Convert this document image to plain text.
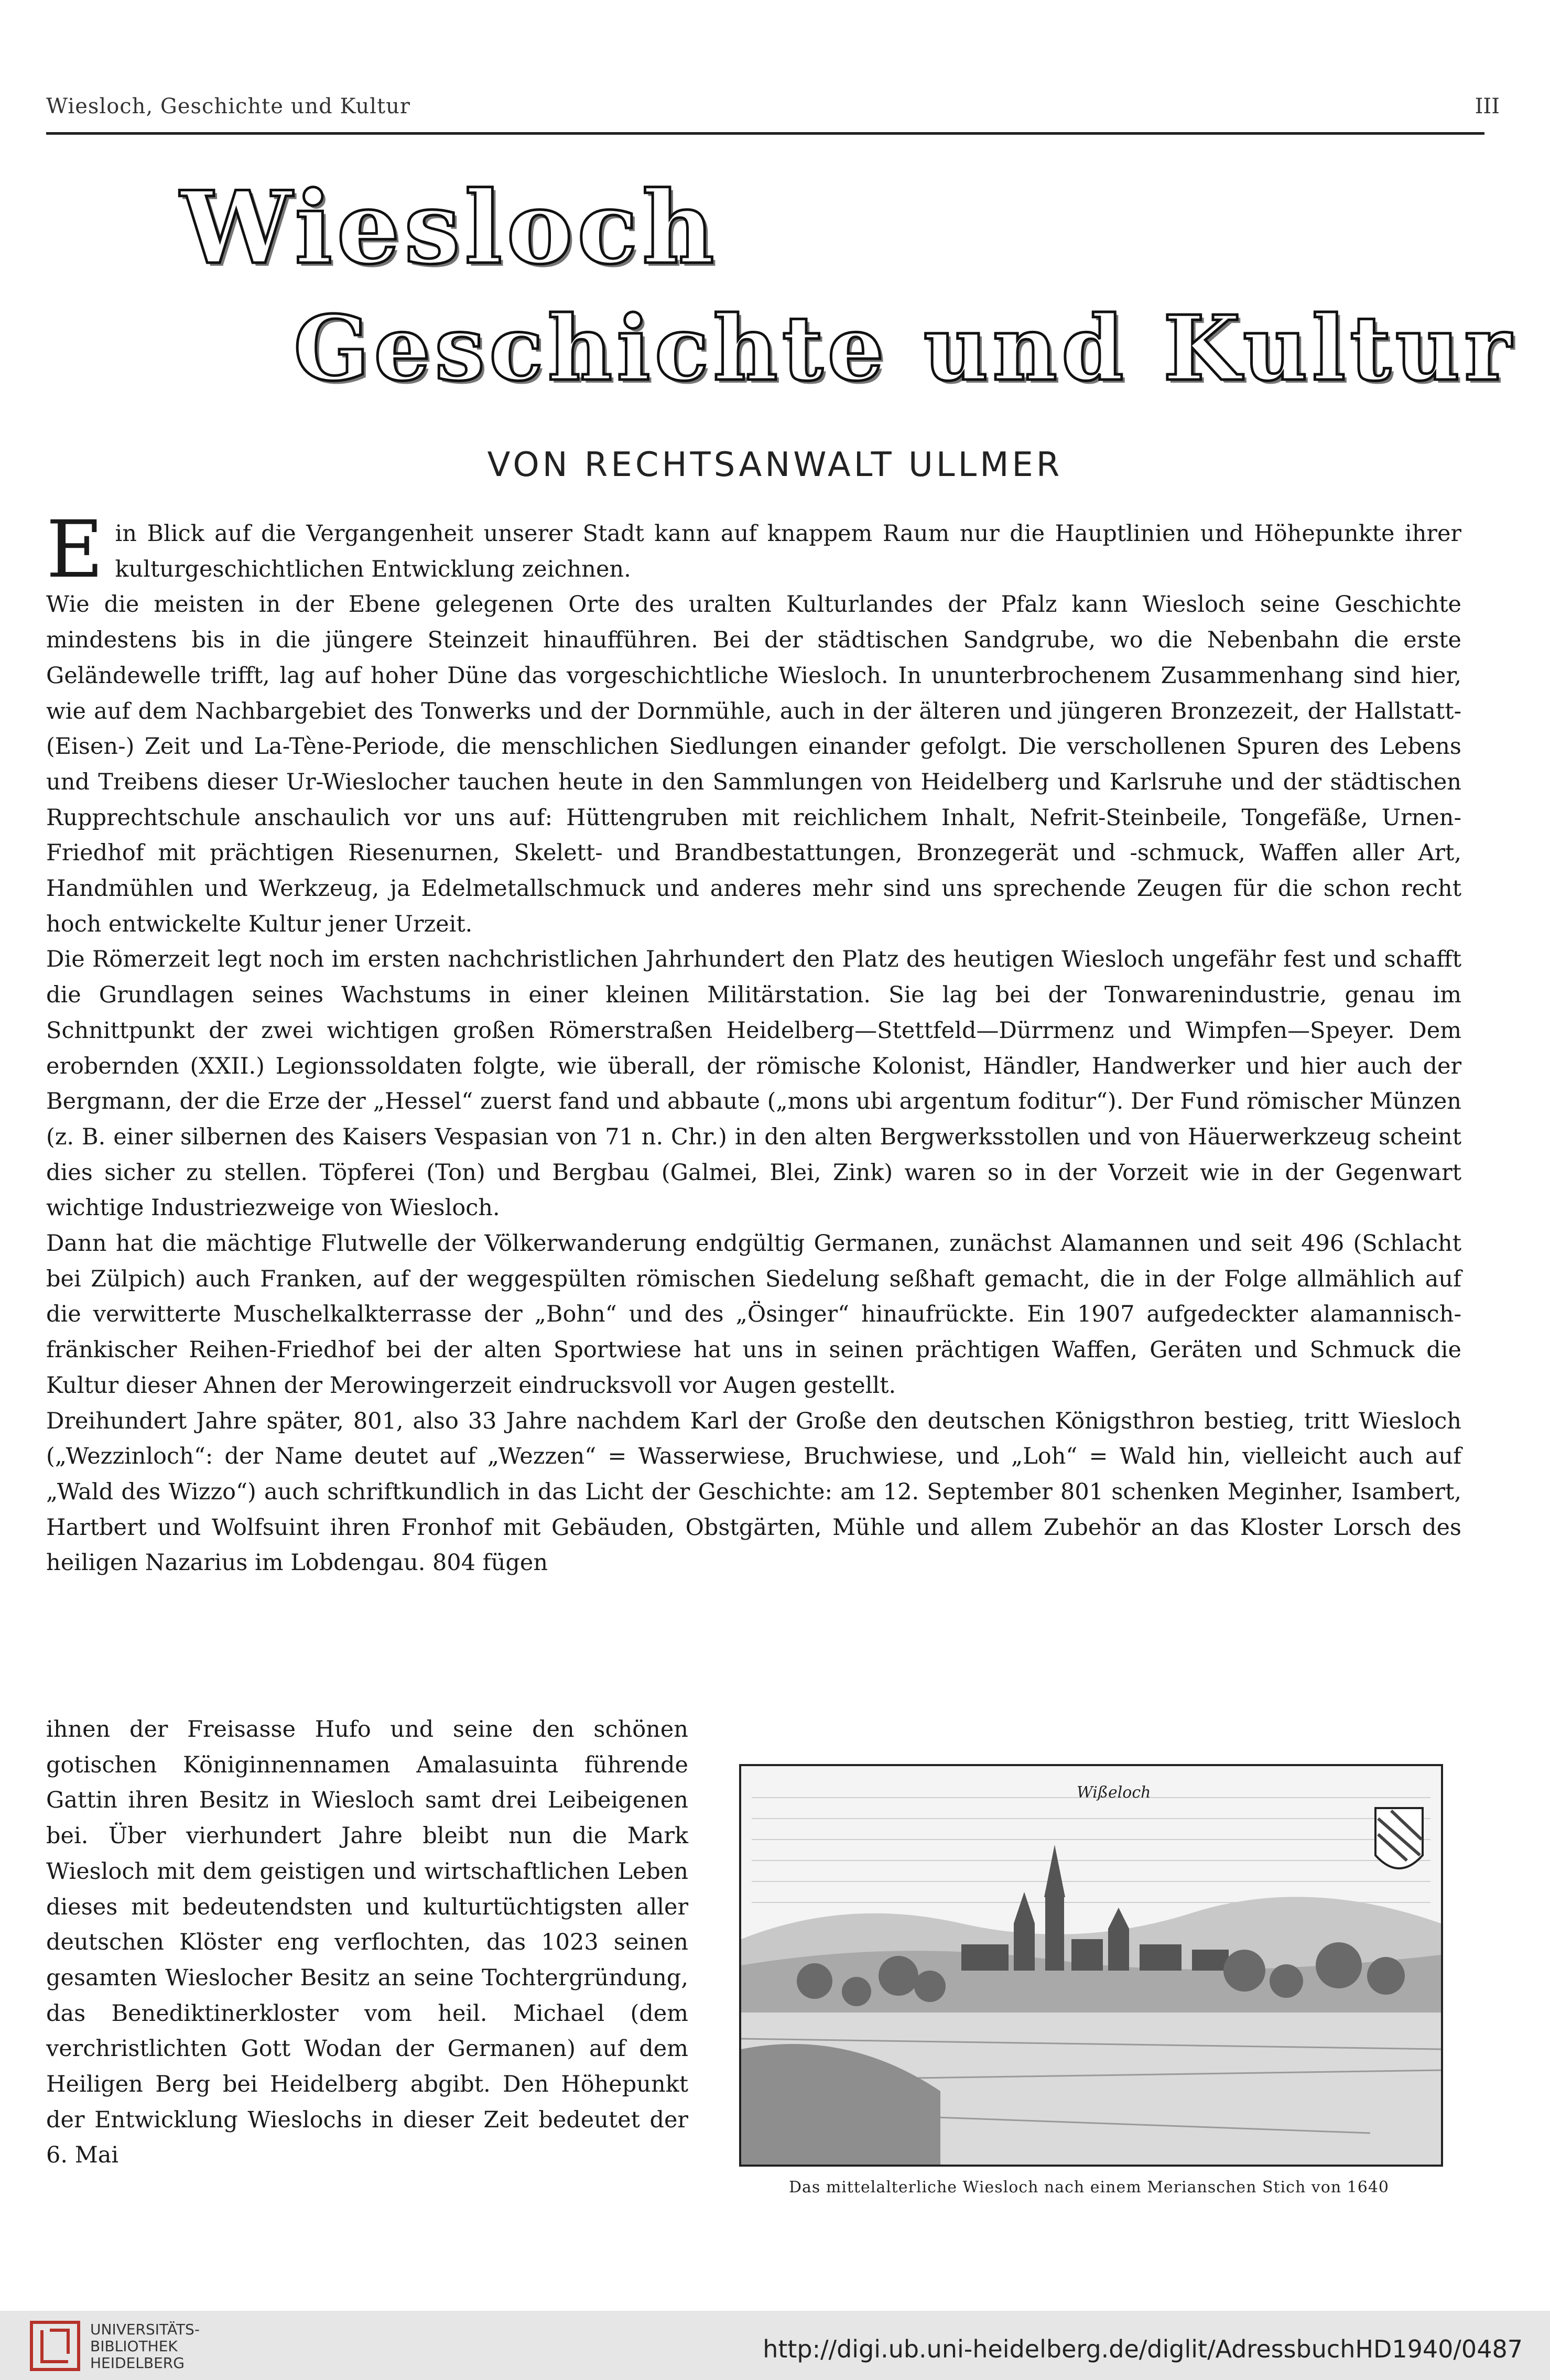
Wiesloch, Geschichte und Kultur	III
Wiesloch
Geschichte und Kultur
VON RECHTSANWALT ULLMER

Ein Blick auf die Vergangenheit unserer Stadt kann auf knappem Raum nur die Hauptlinien und Höhepunkte ihrer kulturgeschichtlichen Entwicklung zeichnen.

Wie die meisten in der Ebene gelegenen Orte des uralten Kulturlandes der Pfalz kann Wiesloch seine Geschichte mindestens bis in die jüngere Steinzeit hinaufführen. Bei der städtischen Sandgrube, wo die Nebenbahn die erste Geländewelle trifft, lag auf hoher Düne das vorgeschichtliche Wiesloch. In ununterbrochenem Zusammenhang sind hier, wie auf dem Nachbargebiet des Tonwerks und der Dornmühle, auch in der älteren und jüngeren Bronzezeit, der Hallstatt- (Eisen-) Zeit und La-Tène-Periode, die menschlichen Siedlungen einander gefolgt. Die verschollenen Spuren des Lebens und Treibens dieser Ur-Wieslocher tauchen heute in den Sammlungen von Heidelberg und Karlsruhe und der städtischen Rupprechtschule anschaulich vor uns auf: Hüttengruben mit reichlichem Inhalt, Nefrit-Steinbeile, Tongefäße, Urnen-Friedhof mit prächtigen Riesenurnen, Skelett- und Brandbestattungen, Bronzegerät und -schmuck, Waffen aller Art, Handmühlen und Werkzeug, ja Edelmetallschmuck und anderes mehr sind uns sprechende Zeugen für die schon recht hoch entwickelte Kultur jener Urzeit.

Die Römerzeit legt noch im ersten nachchristlichen Jahrhundert den Platz des heutigen Wiesloch ungefähr fest und schafft die Grundlagen seines Wachstums in einer kleinen Militärstation. Sie lag bei der Tonwarenindustrie, genau im Schnittpunkt der zwei wichtigen großen Römerstraßen Heidelberg—Stettfeld—Dürrmenz und Wimpfen—Speyer. Dem erobernden (XXII.) Legionssoldaten folgte, wie überall, der römische Kolonist, Händler, Handwerker und hier auch der Bergmann, der die Erze der „Hessel“ zuerst fand und abbaute („mons ubi argentum foditur“). Der Fund römischer Münzen (z. B. einer silbernen des Kaisers Vespasian von 71 n. Chr.) in den alten Bergwerksstollen und von Häuerwerkzeug scheint dies sicher zu stellen. Töpferei (Ton) und Bergbau (Galmei, Blei, Zink) waren so in der Vorzeit wie in der Gegenwart wichtige Industriezweige von Wiesloch.

Dann hat die mächtige Flutwelle der Völkerwanderung endgültig Germanen, zunächst Alamannen und seit 496 (Schlacht bei Zülpich) auch Franken, auf der weggespülten römischen Siedelung seßhaft gemacht, die in der Folge allmählich auf die verwitterte Muschelkalkterrasse der „Bohn“ und des „Ösinger“ hinaufrückte. Ein 1907 aufgedeckter alamannisch-fränkischer Reihen-Friedhof bei der alten Sportwiese hat uns in seinen prächtigen Waffen, Geräten und Schmuck die Kultur dieser Ahnen der Merowingerzeit eindrucksvoll vor Augen gestellt.

Dreihundert Jahre später, 801, also 33 Jahre nachdem Karl der Große den deutschen Königsthron bestieg, tritt Wiesloch („Wezzinloch“: der Name deutet auf „Wezzen“ = Wasserwiese, Bruchwiese, und „Loh“ = Wald hin, vielleicht auch auf „Wald des Wizzo“) auch schriftkundlich in das Licht der Geschichte: am 12. September 801 schenken Meginher, Isambert, Hartbert und Wolfsuint ihren Fronhof mit Gebäuden, Obstgärten, Mühle und allem Zubehör an das Kloster Lorsch des heiligen Nazarius im Lobdengau. 804 fügen

ihnen der Freisasse Hufo und seine den schönen gotischen Königinnennamen Amalasuinta führende Gattin ihren Besitz in Wiesloch samt drei Leibeigenen bei. Über vierhundert Jahre bleibt nun die Mark Wiesloch mit dem geistigen und wirtschaftlichen Leben dieses mit bedeutendsten und kulturtüchtigsten aller deutschen Klöster eng verflochten, das 1023 seinen gesamten Wieslocher Besitz an seine Tochtergründung, das Benediktinerkloster vom heil. Michael (dem verchristlichten Gott Wodan der Germanen) auf dem Heiligen Berg bei Heidelberg abgibt. Den Höhepunkt der Entwicklung Wieslochs in dieser Zeit bedeutet der 6. Mai

Wißeloch
Das mittelalterliche Wiesloch nach einem Merianschen Stich von 1640
UNIVERSITÄTS-
BIBLIOTHEK
HEIDELBERG	http://digi.ub.uni-heidelberg.de/diglit/AdressbuchHD1940/0487
